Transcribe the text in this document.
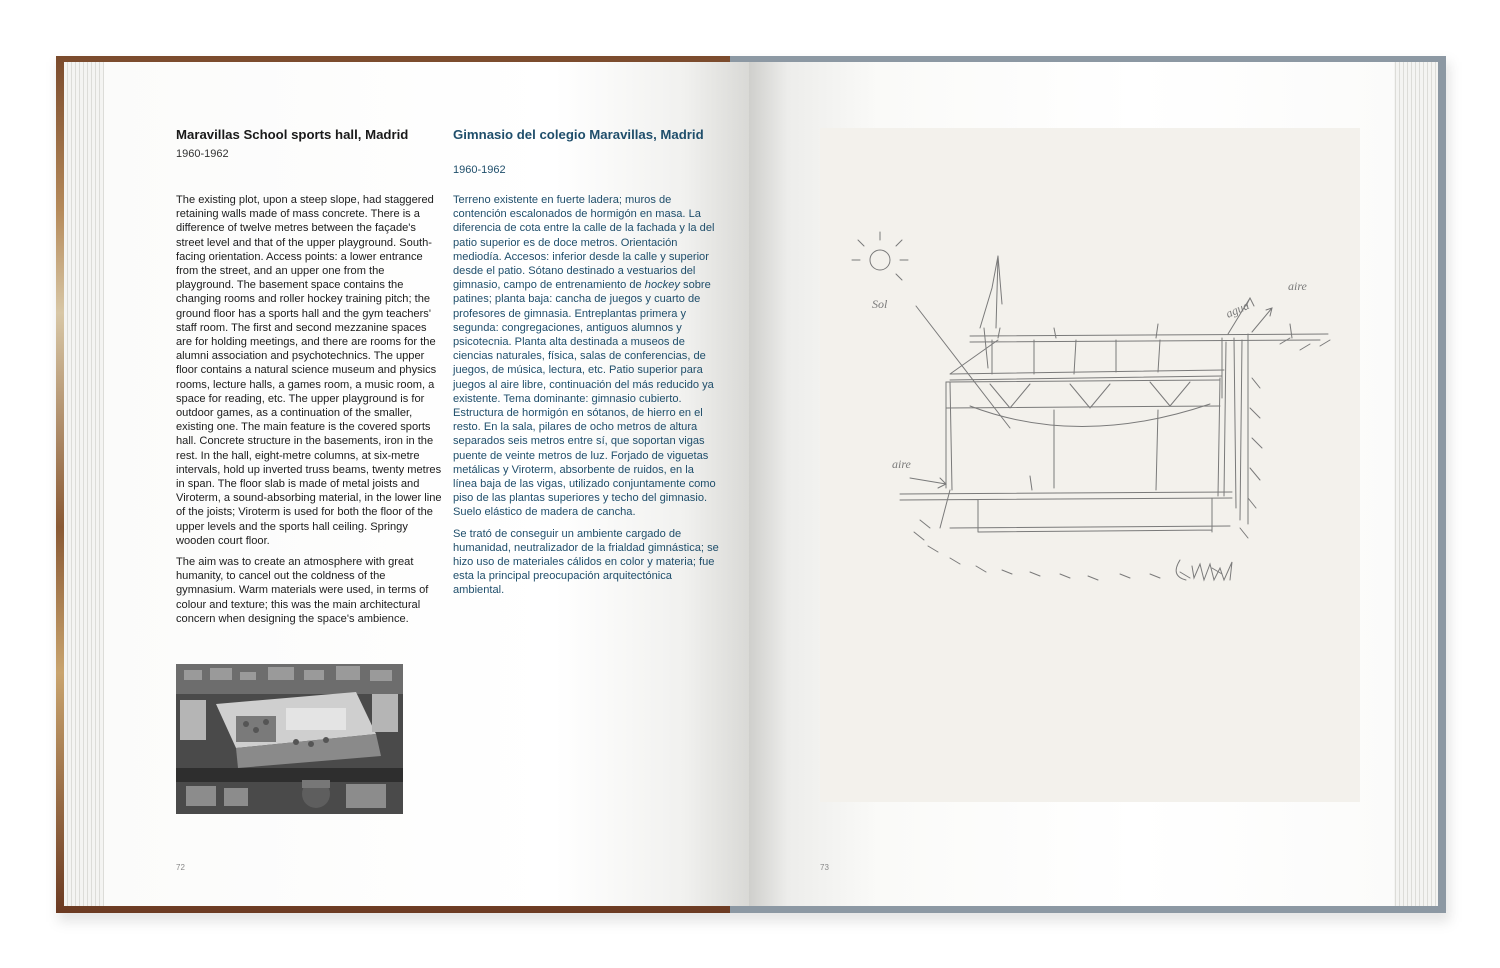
Maravillas School sports hall, Madrid
1960-1962

The existing plot, upon a steep slope, had staggered retaining walls made of mass concrete. There is a difference of twelve metres between the façade's street level and that of the upper playground. South-facing orientation. Access points: a lower entrance from the street, and an upper one from the playground. The basement space contains the changing rooms and roller hockey training pitch; the ground floor has a sports hall and the gym teachers' staff room. The first and second mezzanine spaces are for holding meetings, and there are rooms for the alumni association and psychotechnics. The upper floor contains a natural science museum and physics rooms, lecture halls, a games room, a music room, a space for reading, etc. The upper playground is for outdoor games, as a continuation of the smaller, existing one. The main feature is the covered sports hall. Concrete structure in the basements, iron in the rest. In the hall, eight-metre columns, at six-metre intervals, hold up inverted truss beams, twenty metres in span. The floor slab is made of metal joists and Viroterm, a sound-absorbing material, in the lower line of the joists; Viroterm is used for both the floor of the upper levels and the sports hall ceiling. Springy wooden court floor.

The aim was to create an atmosphere with great humanity, to cancel out the coldness of the gymnasium. Warm materials were used, in terms of colour and texture; this was the main architectural concern when designing the space's ambience.

Gimnasio del colegio Maravillas, Madrid
1960-1962

Terreno existente en fuerte ladera; muros de contención escalonados de hormigón en masa. La diferencia de cota entre la calle de la fachada y la del patio superior es de doce metros. Orientación mediodía. Accesos: inferior desde la calle y superior desde el patio. Sótano destinado a vestuarios del gimnasio, campo de entrenamiento de hockey sobre patines; planta baja: cancha de juegos y cuarto de profesores de gimnasia. Entreplantas primera y segunda: congregaciones, antiguos alumnos y psicotecnia. Planta alta destinada a museos de ciencias naturales, física, salas de conferencias, de juegos, de música, lectura, etc. Patio superior para juegos al aire libre, continuación del más reducido ya existente. Tema dominante: gimnasio cubierto. Estructura de hormigón en sótanos, de hierro en el resto. En la sala, pilares de ocho metros de altura separados seis metros entre sí, que soportan vigas puente de veinte metros de luz. Forjado de viguetas metálicas y Viroterm, absorbente de ruidos, en la línea baja de las vigas, utilizado conjuntamente como piso de las plantas superiores y techo del gimnasio. Suelo elástico de madera de cancha.

Se trató de conseguir un ambiente cargado de humanidad, neutralizador de la frialdad gimnástica; se hizo uso de materiales cálidos en color y materia; fue esta la principal preocupación arquitectónica ambiental.

72	73
Sol	agua
aire
aire
